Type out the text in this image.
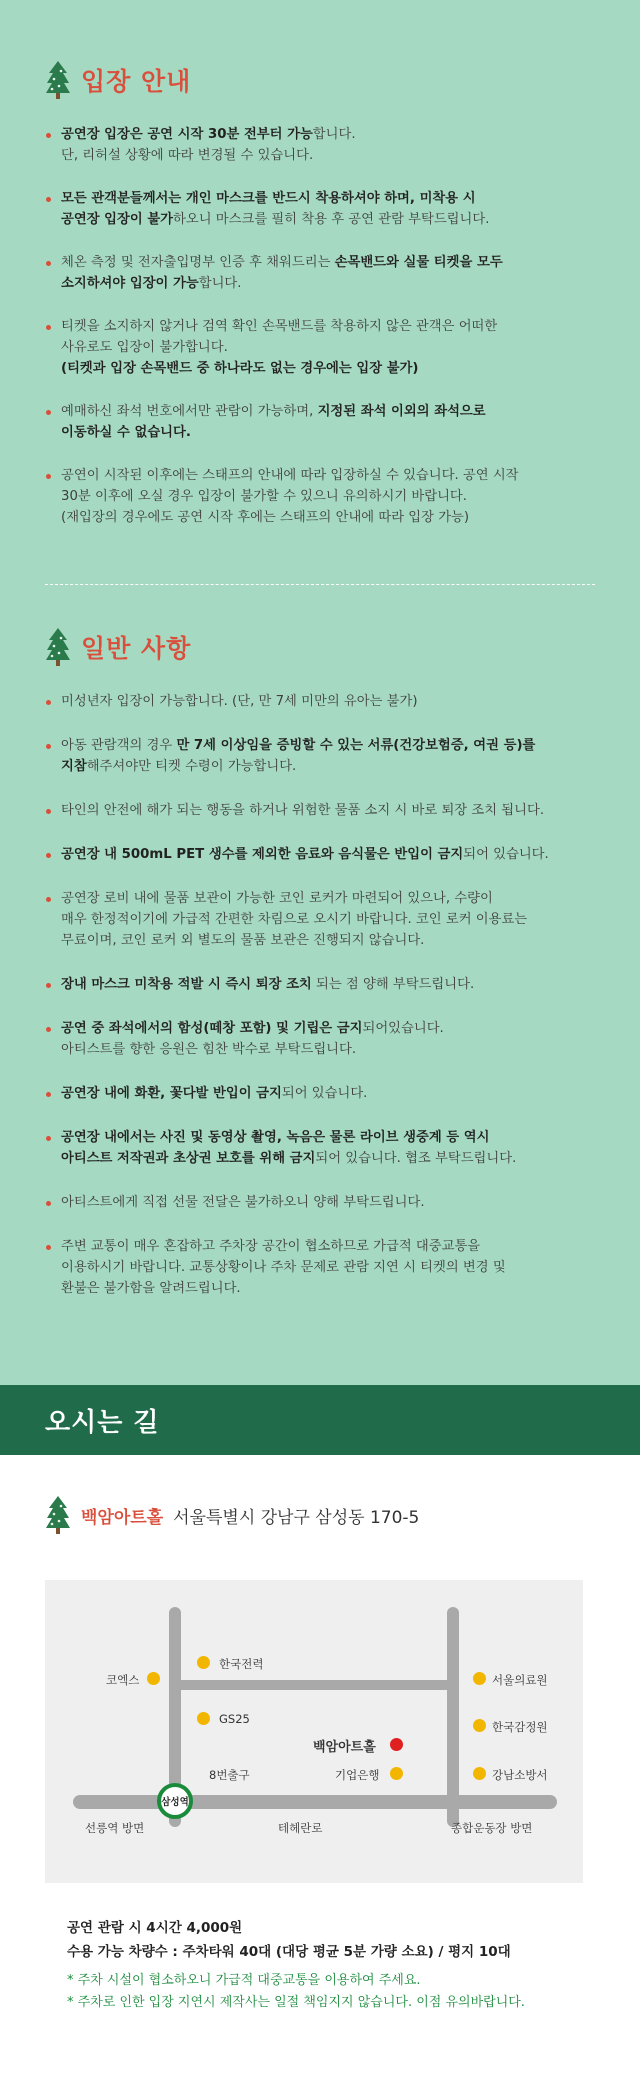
입장 안내
공연장 입장은 공연 시작 30분 전부터 가능합니다.
단, 리허설 상황에 따라 변경될 수 있습니다.
모든 관객분들께서는 개인 마스크를 반드시 착용하셔야 하며, 미착용 시
공연장 입장이 불가하오니 마스크를 필히 착용 후 공연 관람 부탁드립니다.
체온 측정 및 전자출입명부 인증 후 채워드리는 손목밴드와 실물 티켓을 모두
소지하셔야 입장이 가능합니다.
티켓을 소지하지 않거나 검역 확인 손목밴드를 착용하지 않은 관객은 어떠한
사유로도 입장이 불가합니다.
(티켓과 입장 손목밴드 중 하나라도 없는 경우에는 입장 불가)
예매하신 좌석 번호에서만 관람이 가능하며, 지정된 좌석 이외의 좌석으로
이동하실 수 없습니다.
공연이 시작된 이후에는 스태프의 안내에 따라 입장하실 수 있습니다. 공연 시작
30분 이후에 오실 경우 입장이 불가할 수 있으니 유의하시기 바랍니다.
(재입장의 경우에도 공연 시작 후에는 스태프의 안내에 따라 입장 가능)
일반 사항
미성년자 입장이 가능합니다. (단, 만 7세 미만의 유아는 불가)
아동 관람객의 경우 만 7세 이상임을 증빙할 수 있는 서류(건강보험증, 여권 등)를
지참해주셔야만 티켓 수령이 가능합니다.
타인의 안전에 해가 되는 행동을 하거나 위험한 물품 소지 시 바로 퇴장 조치 됩니다.
공연장 내 500mL PET 생수를 제외한 음료와 음식물은 반입이 금지되어 있습니다.
공연장 로비 내에 물품 보관이 가능한 코인 로커가 마련되어 있으나, 수량이
매우 한정적이기에 가급적 간편한 차림으로 오시기 바랍니다. 코인 로커 이용료는
무료이며, 코인 로커 외 별도의 물품 보관은 진행되지 않습니다.
장내 마스크 미착용 적발 시 즉시 퇴장 조치 되는 점 양해 부탁드립니다.
공연 중 좌석에서의 함성(떼창 포함) 및 기립은 금지되어있습니다.
아티스트를 향한 응원은 힘찬 박수로 부탁드립니다.
공연장 내에 화환, 꽃다발 반입이 금지되어 있습니다.
공연장 내에서는 사진 및 동영상 촬영, 녹음은 물론 라이브 생중계 등 역시
아티스트 저작권과 초상권 보호를 위해 금지되어 있습니다. 협조 부탁드립니다.
아티스트에게 직접 선물 전달은 불가하오니 양해 부탁드립니다.
주변 교통이 매우 혼잡하고 주차장 공간이 협소하므로 가급적 대중교통을
이용하시기 바랍니다. 교통상황이나 주차 문제로 관람 지연 시 티켓의 변경 및
환불은 불가함을 알려드립니다.
오시는 길
백암아트홀 서울특별시 강남구 삼성동 170-5
코엑스
한국전력
GS25
8번출구
삼성역
선릉역 방면	테헤란로
백암아트홀
기업은행
서울의료원
한국감정원
강남소방서
종합운동장 방면
공연 관람 시 4시간 4,000원
수용 가능 차량수 : 주차타워 40대 (대당 평균 5분 가량 소요) / 평지 10대
* 주차 시설이 협소하오니 가급적 대중교통을 이용하여 주세요.
* 주차로 인한 입장 지연시 제작사는 일절 책임지지 않습니다. 이점 유의바랍니다.
